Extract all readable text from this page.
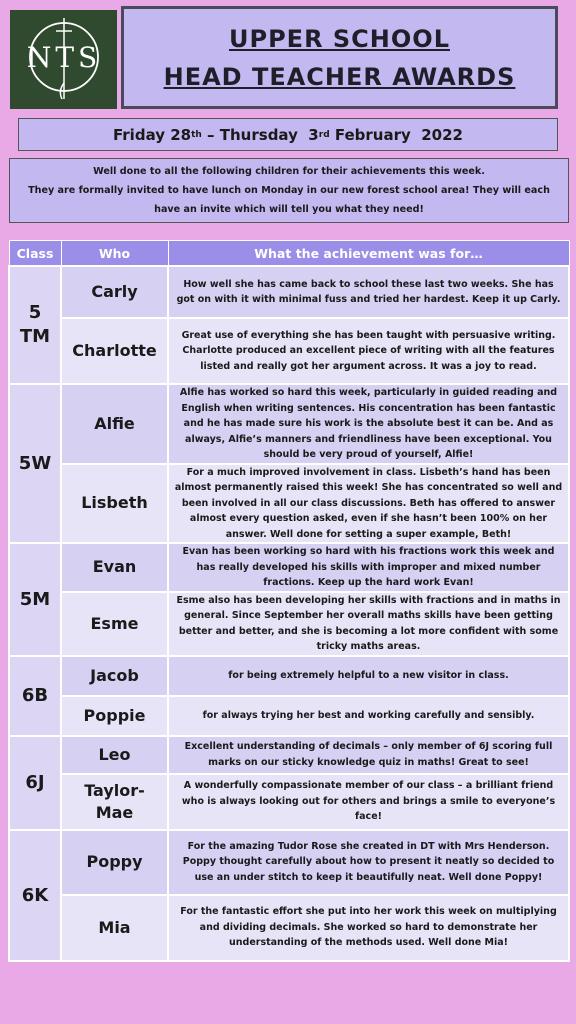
NTS
UPPER SCHOOL
HEAD TEACHER AWARDS
Friday 28 th – Thursday  3 rd February  2022
Well done to all the following children for their achievements this week.
They are formally invited to have lunch on Monday in our new forest school area! They will each
have an invite which will tell you what they need!
Class	Who	What the achievement was for…
5 TM	Carly	How well she has came back to school these last two weeks. She has got on with it with minimal fuss and tried her hardest. Keep it up Carly.
	Charlotte	Great use of everything she has been taught with persuasive writing. Charlotte produced an excellent piece of writing with all the features listed and really got her argument across. It was a joy to read.
5W	Alfie	Alfie has worked so hard this week, particularly in guided reading and English when writing sentences. His concentration has been fantastic and he has made sure his work is the absolute best it can be. And as always, Alfie’s manners and friendliness have been exceptional. You should be very proud of yourself, Alfie!
	Lisbeth	For a much improved involvement in class. Lisbeth’s hand has been almost permanently raised this week! She has concentrated so well and been involved in all our class discussions. Beth has offered to answer almost every question asked, even if she hasn’t been 100% on her answer. Well done for setting a super example, Beth!
5M	Evan	Evan has been working so hard with his fractions work this week and has really developed his skills with improper and mixed number fractions. Keep up the hard work Evan!
	Esme	Esme also has been developing her skills with fractions and in maths in general. Since September her overall maths skills have been getting better and better, and she is becoming a lot more confident with some tricky maths areas.
6B	Jacob	for being extremely helpful to a new visitor in class.
	Poppie	for always trying her best and working carefully and sensibly.
6J	Leo	Excellent understanding of decimals – only member of 6J scoring full marks on our sticky knowledge quiz in maths! Great to see!
	Taylor-Mae	A wonderfully compassionate member of our class – a brilliant friend who is always looking out for others and brings a smile to everyone’s face!
6K	Poppy	For the amazing Tudor Rose she created in DT with Mrs Henderson. Poppy thought carefully about how to present it neatly so decided to use an under stitch to keep it beautifully neat. Well done Poppy!
	Mia	For the fantastic effort she put into her work this week on multiplying and dividing decimals. She worked so hard to demonstrate her understanding of the methods used. Well done Mia!
